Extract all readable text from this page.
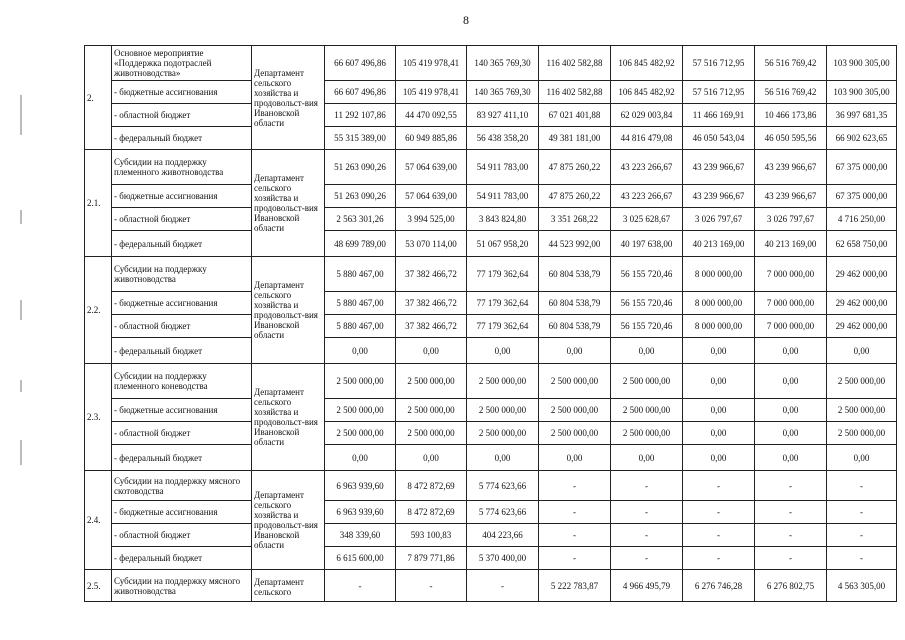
8
2.	Основное мероприятие «Поддержка подотраслей животноводства»	Департамент сельского хозяйства и продовольст-вия Ивановской области	66 607 496,86	105 419 978,41	140 365 769,30	116 402 582,88	106 845 482,92	57 516 712,95	56 516 769,42	103 900 305,00
	- бюджетные ассигнования		66 607 496,86	105 419 978,41	140 365 769,30	116 402 582,88	106 845 482,92	57 516 712,95	56 516 769,42	103 900 305,00
	- областной бюджет		11 292 107,86	44 470 092,55	83 927 411,10	67 021 401,88	62 029 003,84	11 466 169,91	10 466 173,86	36 997 681,35
	- федеральный бюджет		55 315 389,00	60 949 885,86	56 438 358,20	49 381 181,00	44 816 479,08	46 050 543,04	46 050 595,56	66 902 623,65
2.1.	Субсидии на поддержку племенного животноводства	Департамент сельского хозяйства и продовольст-вия Ивановской области	51 263 090,26	57 064 639,00	54 911 783,00	47 875 260,22	43 223 266,67	43 239 966,67	43 239 966,67	67 375 000,00
	- бюджетные ассигнования		51 263 090,26	57 064 639,00	54 911 783,00	47 875 260,22	43 223 266,67	43 239 966,67	43 239 966,67	67 375 000,00
	- областной бюджет		2 563 301,26	3 994 525,00	3 843 824,80	3 351 268,22	3 025 628,67	3 026 797,67	3 026 797,67	4 716 250,00
	- федеральный бюджет		48 699 789,00	53 070 114,00	51 067 958,20	44 523 992,00	40 197 638,00	40 213 169,00	40 213 169,00	62 658 750,00
2.2.	Субсидии на поддержку животноводства	Департамент сельского хозяйства и продовольст-вия Ивановской области	5 880 467,00	37 382 466,72	77 179 362,64	60 804 538,79	56 155 720,46	8 000 000,00	7 000 000,00	29 462 000,00
	- бюджетные ассигнования		5 880 467,00	37 382 466,72	77 179 362,64	60 804 538,79	56 155 720,46	8 000 000,00	7 000 000,00	29 462 000,00
	- областной бюджет		5 880 467,00	37 382 466,72	77 179 362,64	60 804 538,79	56 155 720,46	8 000 000,00	7 000 000,00	29 462 000,00
	- федеральный бюджет		0,00	0,00	0,00	0,00	0,00	0,00	0,00	0,00
2.3.	Субсидии на поддержку племенного коневодства	Департамент сельского хозяйства и продовольст-вия Ивановской области	2 500 000,00	2 500 000,00	2 500 000,00	2 500 000,00	2 500 000,00	0,00	0,00	2 500 000,00
	- бюджетные ассигнования		2 500 000,00	2 500 000,00	2 500 000,00	2 500 000,00	2 500 000,00	0,00	0,00	2 500 000,00
	- областной бюджет		2 500 000,00	2 500 000,00	2 500 000,00	2 500 000,00	2 500 000,00	0,00	0,00	2 500 000,00
	- федеральный бюджет		0,00	0,00	0,00	0,00	0,00	0,00	0,00	0,00
2.4.	Субсидии на поддержку мясного скотоводства	Департамент сельского хозяйства и продовольст-вия Ивановской области	6 963 939,60	8 472 872,69	5 774 623,66	-	-	-	-	-
	- бюджетные ассигнования		6 963 939,60	8 472 872,69	5 774 623,66	-	-	-	-	-
	- областной бюджет		348 339,60	593 100,83	404 223,66	-	-	-	-	-
	- федеральный бюджет		6 615 600,00	7 879 771,86	5 370 400,00	-	-	-	-	-
2.5.	Субсидии на поддержку мясного животноводства	Департамент сельского	-	-	-	5 222 783,87	4 966 495,79	6 276 746,28	6 276 802,75	4 563 305,00
